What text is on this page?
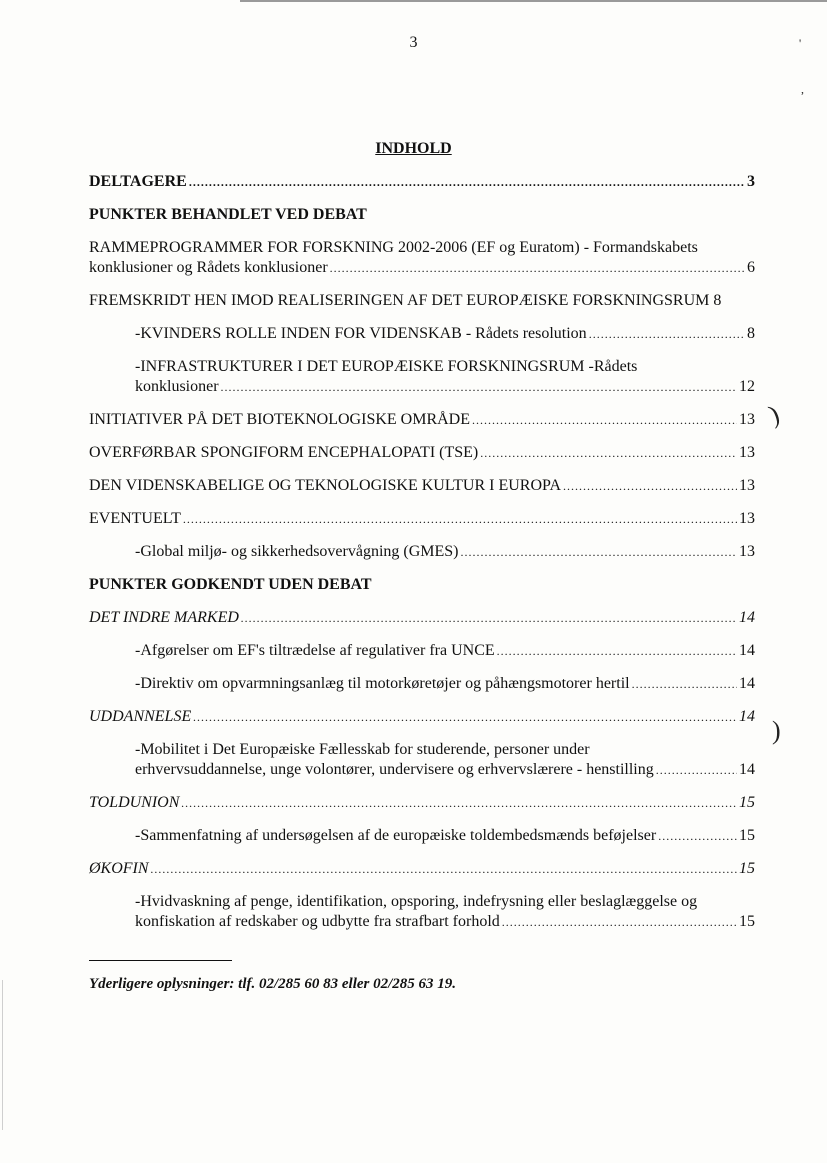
'
,
)
)
3
INDHOLD
DELTAGERE .....	3
PUNKTER BEHANDLET VED DEBAT
RAMMEPROGRAMMER FOR FORSKNING 2002-2006 (EF og Euratom) - Formandskabets
konklusioner og Rådets konklusioner .....	6
FREMSKRIDT HEN IMOD REALISERINGEN AF DET EUROPÆISKE FORSKNINGSRUM 8
-KVINDERS ROLLE INDEN FOR VIDENSKAB - Rådets resolution .....	8
-INFRASTRUKTURER I DET EUROPÆISKE FORSKNINGSRUM -Rådets
konklusioner .....	12
INITIATIVER PÅ DET BIOTEKNOLOGISKE OMRÅDE .....	13
OVERFØRBAR SPONGIFORM ENCEPHALOPATI (TSE) .....	13
DEN VIDENSKABELIGE OG TEKNOLOGISKE KULTUR I EUROPA .....	13
EVENTUELT .....	13
-Global miljø- og sikkerhedsovervågning (GMES) .....	13
PUNKTER GODKENDT UDEN DEBAT
DET INDRE MARKED .....	14
-Afgørelser om EF's tiltrædelse af regulativer fra UNCE .....	14
-Direktiv om opvarmningsanlæg til motorkøretøjer og påhængsmotorer hertil .....	14
UDDANNELSE .....	14
-Mobilitet i Det Europæiske Fællesskab for studerende, personer under
erhvervsuddannelse, unge volontører, undervisere og erhvervslærere - henstilling .....	14
TOLDUNION .....	15
-Sammenfatning af undersøgelsen af de europæiske toldembedsmænds beføjelser .....	15
ØKOFIN .....	15
-Hvidvaskning af penge, identifikation, opsporing, indefrysning eller beslaglæggelse og
konfiskation af redskaber og udbytte fra strafbart forhold .....	15
Yderligere oplysninger: tlf. 02/285 60 83 eller 02/285 63 19.
